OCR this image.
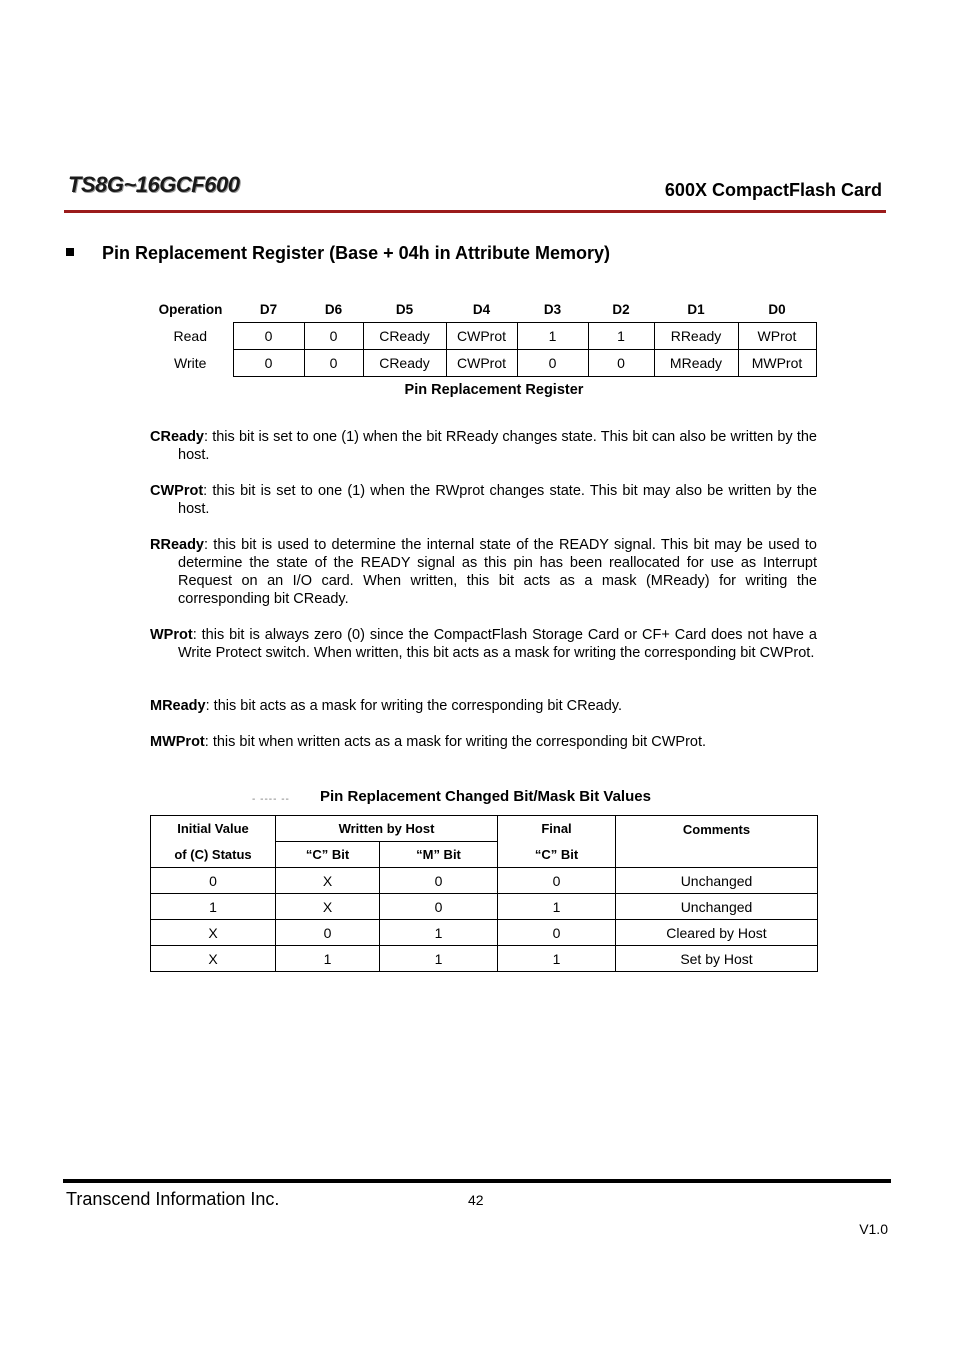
TS8G~16GCF600	600X CompactFlash Card
Pin Replacement Register (Base + 04h in Attribute Memory)
Operation	D7	D6	D5	D4	D3	D2	D1	D0
Read	0	0	CReady	CWProt	1	1	RReady	WProt
Write	0	0	CReady	CWProt	0	0	MReady	MWProt
Pin Replacement Register
CReady: this bit is set to one (1) when the bit RReady changes state. This bit can also be written by the host.
CWProt: this bit is set to one (1) when the RWprot changes state. This bit may also be written by the host.
RReady: this bit is used to determine the internal state of the READY signal. This bit may be used to determine the state of the READY signal as this pin has been reallocated for use as Interrupt Request on an I/O card. When written, this bit acts as a mask (MReady) for writing the corresponding bit CReady.
WProt: this bit is always zero (0) since the CompactFlash Storage Card or CF+ Card does not have a Write Protect switch. When written, this bit acts as a mask for writing the corresponding bit CWProt.
MReady: this bit acts as a mask for writing the corresponding bit CReady.
MWProt: this bit when written acts as a mask for writing the corresponding bit CWProt.
- ---- -- Pin Replacement Changed Bit/Mask Bit Values
Initial Value	Written by Host		Final	Comments
of (C) Status	“C” Bit	“M” Bit	“C” Bit	
0	X	0	0	Unchanged
1	X	0	1	Unchanged
X	0	1	0	Cleared by Host
X	1	1	1	Set by Host
Transcend Information Inc.	42
V1.0
